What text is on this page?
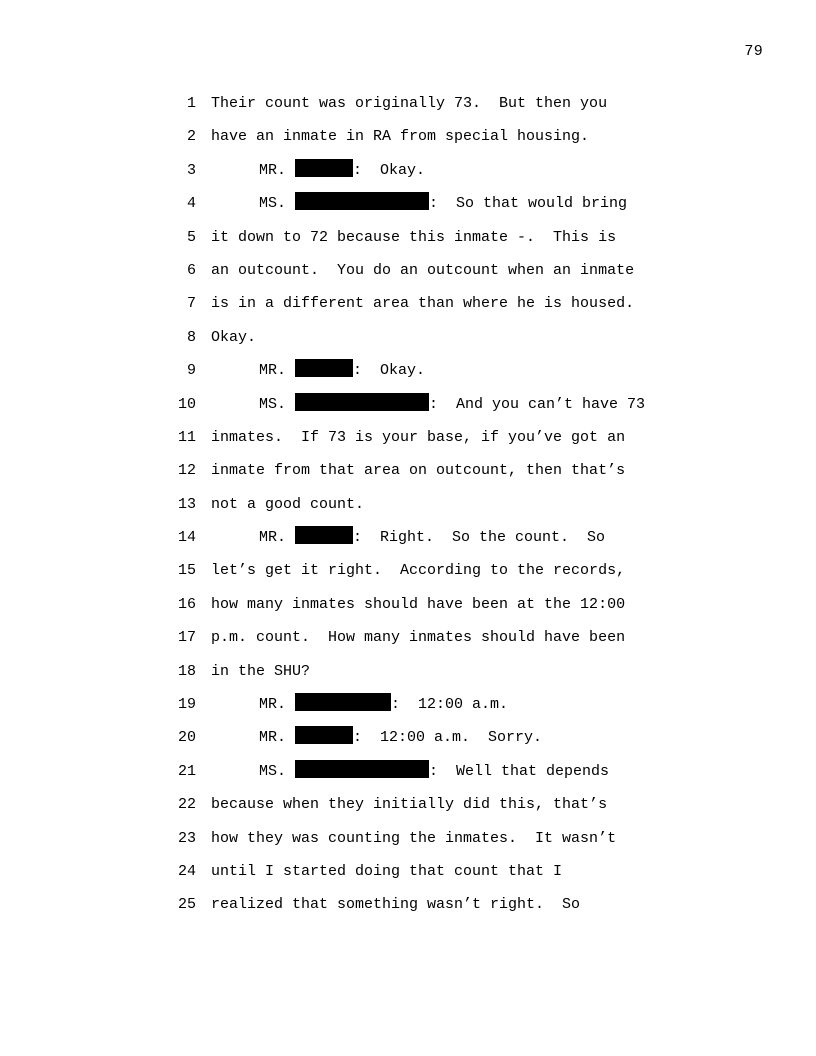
79
1 Their count was originally 73.  But then you
2 have an inmate in RA from special housing.
3	MR.	:  Okay.
4	MS.	:  So that would bring
5 it down to 72 because this inmate -.  This is
6 an outcount.  You do an outcount when an inmate
7 is in a different area than where he is housed.
8 Okay.
9	MR.	:  Okay.
10	MS.	:  And you can’t have 73
11 inmates.  If 73 is your base, if you’ve got an
12 inmate from that area on outcount, then that’s
13 not a good count.
14	MR.	:  Right.  So the count.  So
15 let’s get it right.  According to the records,
16 how many inmates should have been at the 12:00
17 p.m. count.  How many inmates should have been
18 in the SHU?
19	MR.	:  12:00 a.m.
20	MR.	:  12:00 a.m.  Sorry.
21	MS.	:  Well that depends
22 because when they initially did this, that’s
23 how they was counting the inmates.  It wasn’t
24 until I started doing that count that I
25 realized that something wasn’t right.  So
